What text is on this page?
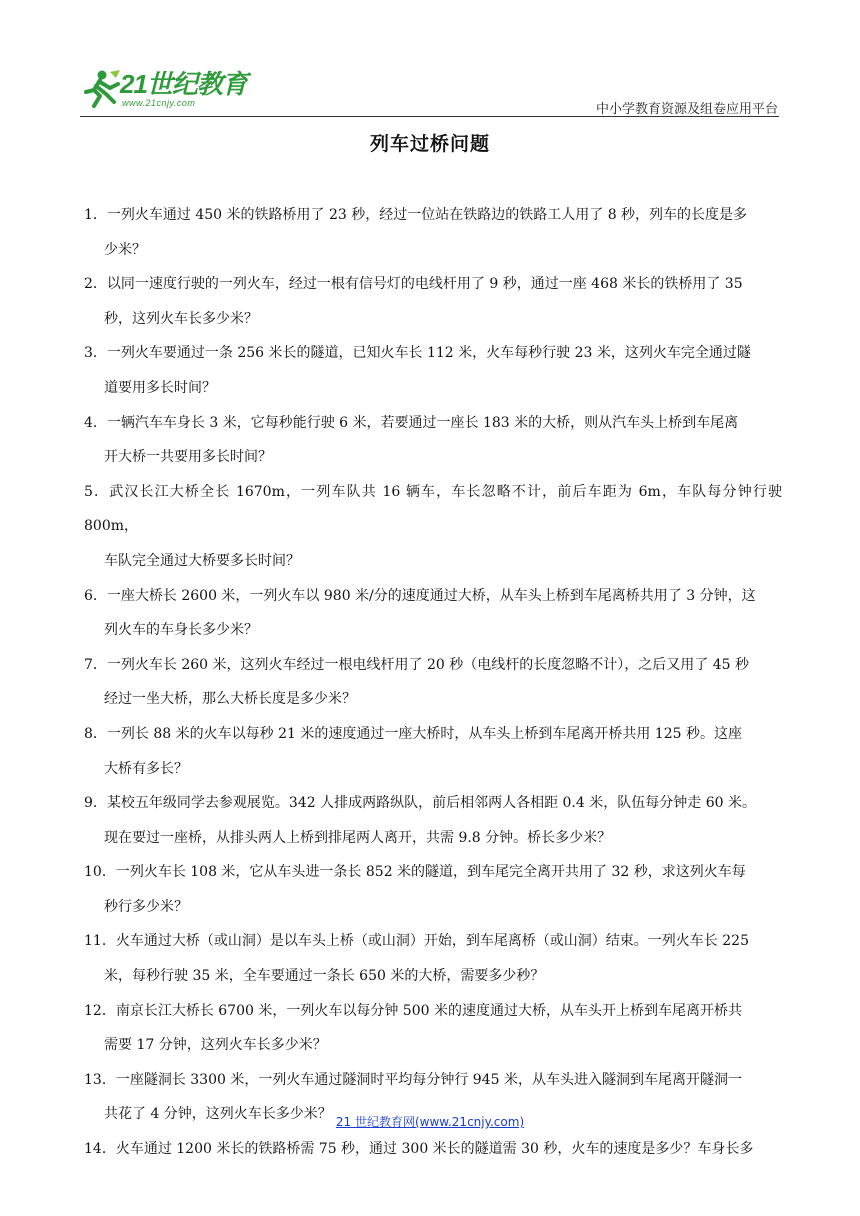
21世纪教育
www.21cnjy.com	中小学教育资源及组卷应用平台
列车过桥问题
1．一列火车通过 450 米的铁路桥用了 23 秒，经过一位站在铁路边的铁路工人用了 8 秒，列车的长度是多
少米？
2．以同一速度行驶的一列火车，经过一根有信号灯的电线杆用了 9 秒，通过一座 468 米长的铁桥用了 35
秒，这列火车长多少米？
3．一列火车要通过一条 256 米长的隧道，已知火车长 112 米，火车每秒行驶 23 米，这列火车完全通过隧
道要用多长时间？
4．一辆汽车车身长 3 米，它每秒能行驶 6 米，若要通过一座长 183 米的大桥，则从汽车头上桥到车尾离
开大桥一共要用多长时间？
5．武汉长江大桥全长 1670m，一列车队共 16 辆车，车长忽略不计，前后车距为 6m，车队每分钟行驶 800m，
车队完全通过大桥要多长时间？
6．一座大桥长 2600 米，一列火车以 980 米/分的速度通过大桥，从车头上桥到车尾离桥共用了 3 分钟，这
列火车的车身长多少米？
7．一列火车长 260 米，这列火车经过一根电线杆用了 20 秒（电线杆的长度忽略不计），之后又用了 45 秒
经过一坐大桥，那么大桥长度是多少米？
8．一列长 88 米的火车以每秒 21 米的速度通过一座大桥时，从车头上桥到车尾离开桥共用 125 秒。这座
大桥有多长？
9．某校五年级同学去参观展览。342 人排成两路纵队，前后相邻两人各相距 0.4 米，队伍每分钟走 60 米。
现在要过一座桥，从排头两人上桥到排尾两人离开，共需 9.8 分钟。桥长多少米？
10．一列火车长 108 米，它从车头进一条长 852 米的隧道，到车尾完全离开共用了 32 秒，求这列火车每
秒行多少米？
11．火车通过大桥（或山洞）是以车头上桥（或山洞）开始，到车尾离桥（或山洞）结束。一列火车长 225
米，每秒行驶 35 米，全车要通过一条长 650 米的大桥，需要多少秒？
12．南京长江大桥长 6700 米，一列火车以每分钟 500 米的速度通过大桥，从车头开上桥到车尾离开桥共
需要 17 分钟，这列火车长多少米？
13．一座隧洞长 3300 米，一列火车通过隧洞时平均每分钟行 945 米，从车头进入隧洞到车尾离开隧洞一
共花了 4 分钟，这列火车长多少米？
14．火车通过 1200 米长的铁路桥需 75 秒，通过 300 米长的隧道需 30 秒，火车的速度是多少？车身长多
21 世纪教育网(www.21cnjy.com)
